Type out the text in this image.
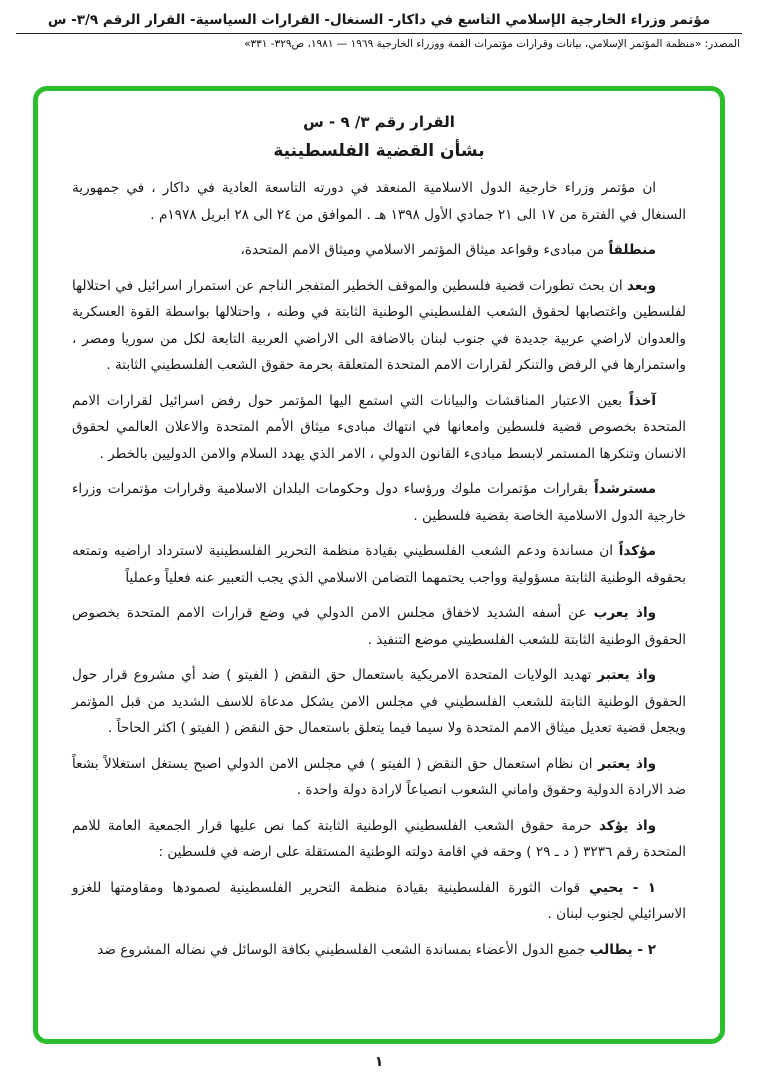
مؤتمر وزراء الخارجية الإسلامي التاسع في داكار- السنغال- القرارات السياسية- القرار الرقم ٣/٩- س
المصدر: «منظمة المؤتمر الإسلامي، بيانات وقرارات مؤتمرات القمة ووزراء الخارجية ١٩٦٩ — ١٩٨١، ص٣٢٩- ٣٣١»
القرار رقم ٣/ ٩ - س
بشأن القضية الفلسطينية

ان مؤتمر وزراء خارجية الدول الاسلامية المنعقد في دورته التاسعة العادية في داكار ، في جمهورية السنغال في الفترة من ١٧ الى ٢١ جمادي الأول ١٣٩٨ هـ . الموافق من ٢٤ الى ٢٨ ابريل ١٩٧٨م .

منطلقاً من مبادىء وقواعد ميثاق المؤتمر الاسلامي وميثاق الامم المتحدة،

وبعد ان بحث تطورات قضية فلسطين والموقف الخطير المتفجر الناجم عن استمرار اسرائيل في احتلالها لفلسطين واغتصابها لحقوق الشعب الفلسطيني الوطنية الثابتة في وطنه ، واحتلالها بواسطة القوة العسكرية والعدوان لاراضي عربية جديدة في جنوب لبنان بالاضافة الى الاراضي العربية التابعة لكل من سوريا ومصر ، واستمرارها في الرفض والتنكر لقرارات الامم المتحدة المتعلقة بحرمة حقوق الشعب الفلسطيني الثابتة .

آخذاً بعين الاعتبار المناقشات والبيانات التي استمع اليها المؤتمر حول رفض اسرائيل لقرارات الامم المتحدة بخصوص قضية فلسطين وامعانها في انتهاك مبادىء ميثاق الأمم المتحدة والاعلان العالمي لحقوق الانسان وتنكرها المستمر لابسط مبادىء القانون الدولي ، الامر الذي يهدد السلام والامن الدوليين بالخطر .

مسترشداً بقرارات مؤتمرات ملوك ورؤساء دول وحكومات البلدان الاسلامية وقرارات مؤتمرات وزراء خارجية الدول الاسلامية الخاصة بقضية فلسطين .

مؤكداً ان مساندة ودعم الشعب الفلسطيني بقيادة منظمة التحرير الفلسطينية لاسترداد اراضيه وتمتعه بحقوقه الوطنية الثابتة مسؤولية وواجب يحتمهما التضامن الاسلامي الذي يجب التعبير عنه فعلياً وعملياً

واذ يعرب عن أسفه الشديد لاخفاق مجلس الامن الدولي في وضع قرارات الامم المتحدة بخصوص الحقوق الوطنية الثابتة للشعب الفلسطيني موضع التنفيذ .

واذ يعتبر تهديد الولايات المتحدة الامريكية باستعمال حق النقض ( الفيتو ) ضد أي مشروع قرار حول الحقوق الوطنية الثابتة للشعب الفلسطيني في مجلس الامن يشكل مدعاة للاسف الشديد من قبل المؤتمر ويجعل قضية تعديل ميثاق الامم المتحدة ولا سيما فيما يتعلق باستعمال حق النقض ( الفيتو ) اكثر الحاحاً .

واذ يعتبر ان نظام استعمال حق النقض ( الفيتو ) في مجلس الامن الدولي اصبح يستغل استغلالاً بشعاً ضد الارادة الدولية وحقوق واماني الشعوب انصياعاً لارادة دولة واحدة .

واذ يؤكد حرمة حقوق الشعب الفلسطيني الوطنية الثابتة كما نص عليها قرار الجمعية العامة للامم المتحدة رقم ٣٢٣٦ ( د ـ ٢٩ ) وحقه في اقامة دولته الوطنية المستقلة على ارضه في فلسطين :

١ - يحيي قوات الثورة الفلسطينية بقيادة منظمة التحرير الفلسطينية لصمودها ومقاومتها للغزو الاسرائيلي لجنوب لبنان .

٢ - يطالب جميع الدول الأعضاء بمساندة الشعب الفلسطيني بكافة الوسائل في نضاله المشروع ضد

١
